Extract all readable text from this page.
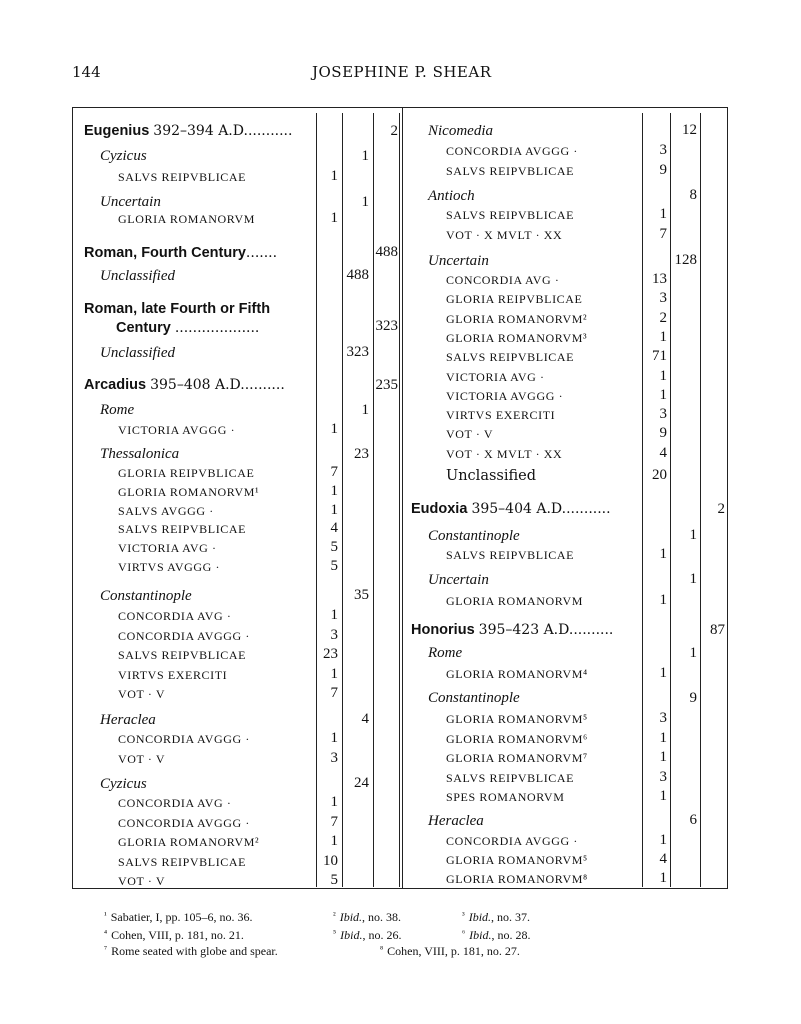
144	JOSEPHINE P. SHEAR
Eugenius 392–394 A.D...........	2
Cyzicus	1
SALVS REIPVBLICAE	1
Uncertain	1
GLORIA ROMANORVM	1
Roman, Fourth Century.......	488
Unclassified	488
Roman, late Fourth or Fifth
Century ...................	323
Unclassified	323
Arcadius 395–408 A.D..........	235
Rome	1
VICTORIA AVGGG ·	1
Thessalonica	23
GLORIA REIPVBLICAE	7
GLORIA ROMANORVM¹	1
SALVS AVGGG ·	1
SALVS REIPVBLICAE	4
VICTORIA AVG ·	5
VIRTVS AVGGG ·	5
Constantinople	35
CONCORDIA AVG ·	1
CONCORDIA AVGGG ·	3
SALVS REIPVBLICAE	23
VIRTVS EXERCITI	1
VOT · V	7
Heraclea	4
CONCORDIA AVGGG ·	1
VOT · V	3
Cyzicus	24
CONCORDIA AVG ·	1
CONCORDIA AVGGG ·	7
GLORIA ROMANORVM²	1
SALVS REIPVBLICAE	10
VOT · V	5
Nicomedia	12
CONCORDIA AVGGG ·	3
SALVS REIPVBLICAE	9
Antioch	8
SALVS REIPVBLICAE	1
VOT · X MVLT · XX	7
Uncertain	128
CONCORDIA AVG ·	13
GLORIA REIPVBLICAE	3
GLORIA ROMANORVM²	2
GLORIA ROMANORVM³	1
SALVS REIPVBLICAE	71
VICTORIA AVG ·	1
VICTORIA AVGGG ·	1
VIRTVS EXERCITI	3
VOT · V	9
VOT · X MVLT · XX	4
Unclassified	20
Eudoxia 395–404 A.D...........	2
Constantinople	1
SALVS REIPVBLICAE	1
Uncertain	1
GLORIA ROMANORVM	1
Honorius 395–423 A.D..........	87
Rome	1
GLORIA ROMANORVM⁴	1
Constantinople	9
GLORIA ROMANORVM⁵	3
GLORIA ROMANORVM⁶	1
GLORIA ROMANORVM⁷	1
SALVS REIPVBLICAE	3
SPES ROMANORVM	1
Heraclea	6
CONCORDIA AVGGG ·	1
GLORIA ROMANORVM⁵	4
GLORIA ROMANORVM⁸	1
$^{^1}$ Sabatier, I, pp. 105–6, no. 36.	$^{^2}$ Ibid., no. 38.	$^{^3}$ Ibid., no. 37.
$^{^4}$ Cohen, VIII, p. 181, no. 21.	$^{^5}$ Ibid., no. 26.	$^{^6}$ Ibid., no. 28.
$^{^7}$ Rome seated with globe and spear.	$^{^8}$ Cohen, VIII, p. 181, no. 27.
